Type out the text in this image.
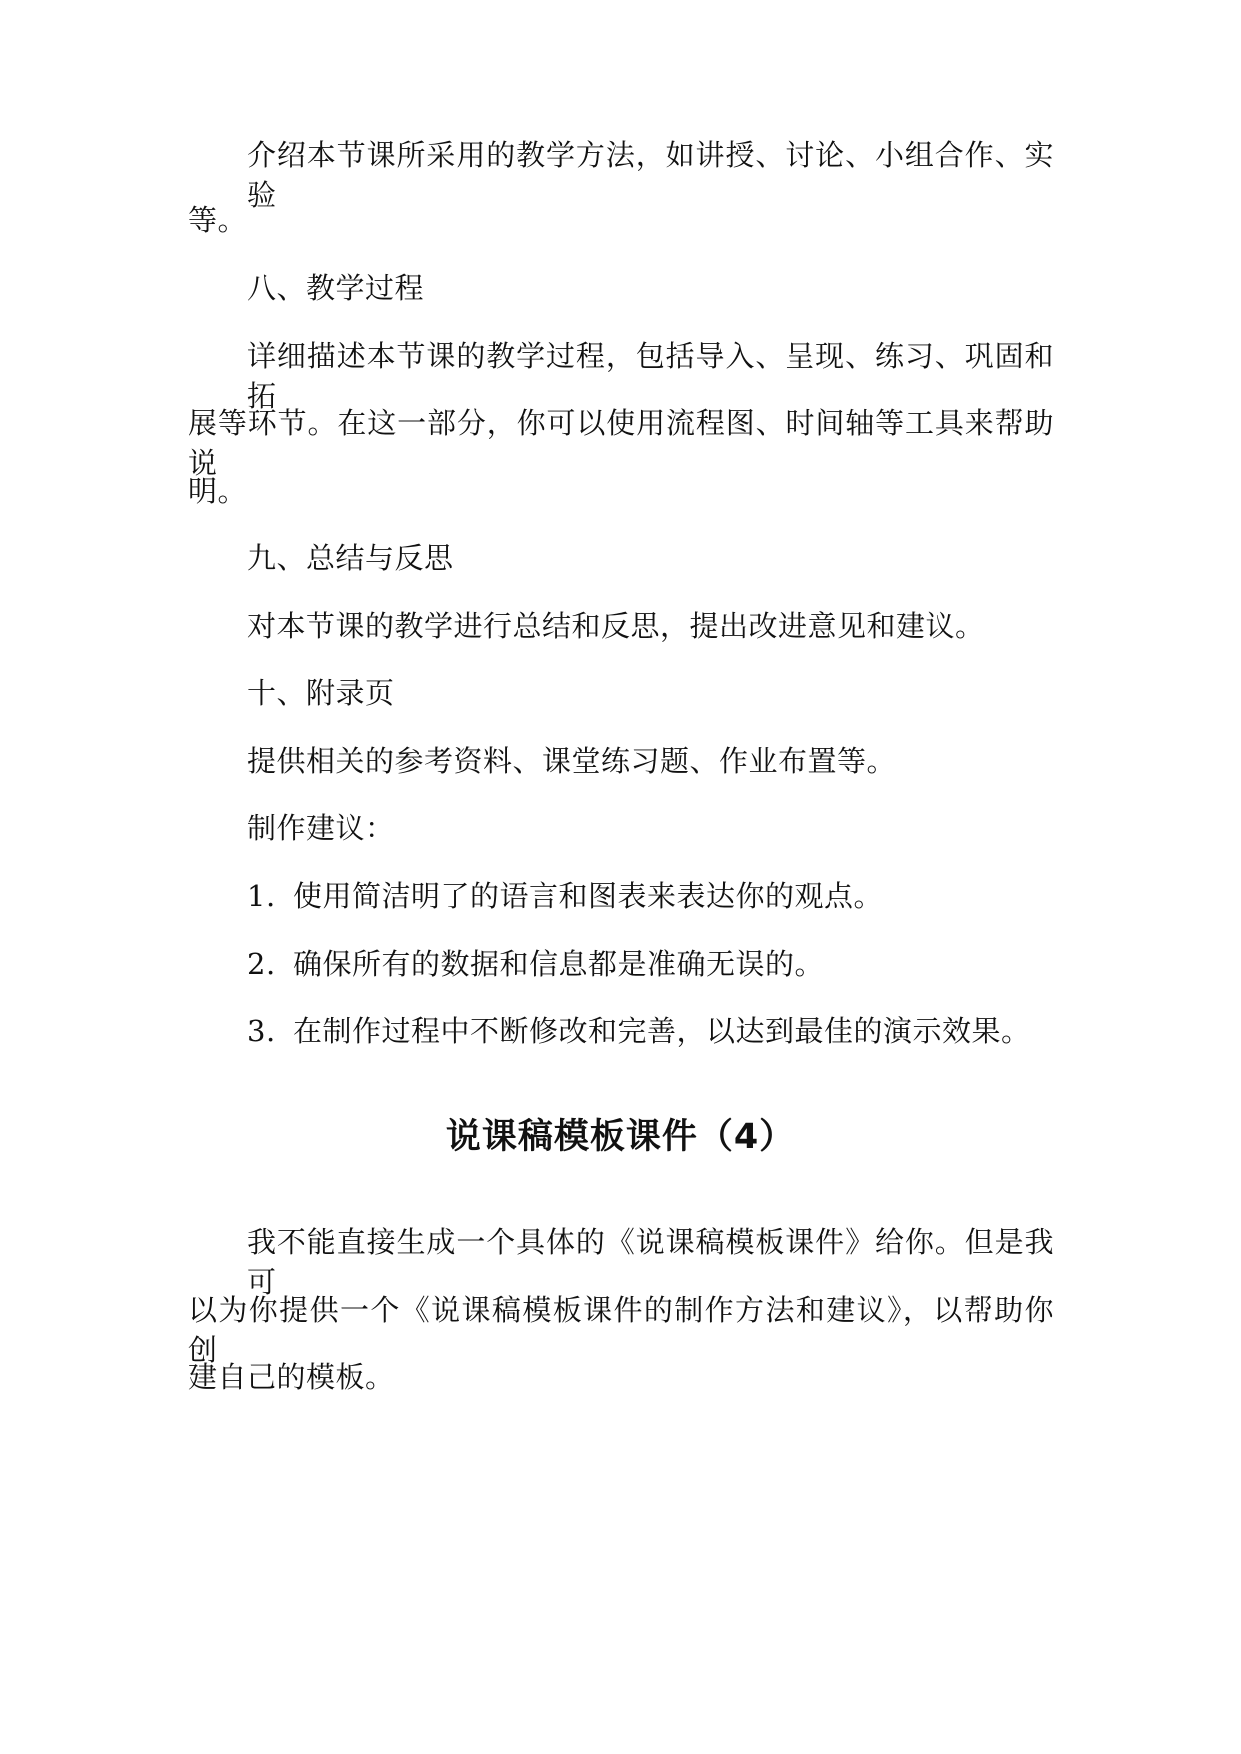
介绍本节课所采用的教学方法，如讲授、讨论、小组合作、实验
等。
八、教学过程
详细描述本节课的教学过程，包括导入、呈现、练习、巩固和拓
展等环节。在这一部分，你可以使用流程图、时间轴等工具来帮助说
明。
九、总结与反思
对本节课的教学进行总结和反思，提出改进意见和建议。
十、附录页
提供相关的参考资料、课堂练习题、作业布置等。
制作建议：
1. 使用简洁明了的语言和图表来表达你的观点。
2. 确保所有的数据和信息都是准确无误的。
3. 在制作过程中不断修改和完善，以达到最佳的演示效果。
说课稿模板课件（4）
我不能直接生成一个具体的《说课稿模板课件》给你。但是我可
以为你提供一个《说课稿模板课件的制作方法和建议》，以帮助你创
建自己的模板。
